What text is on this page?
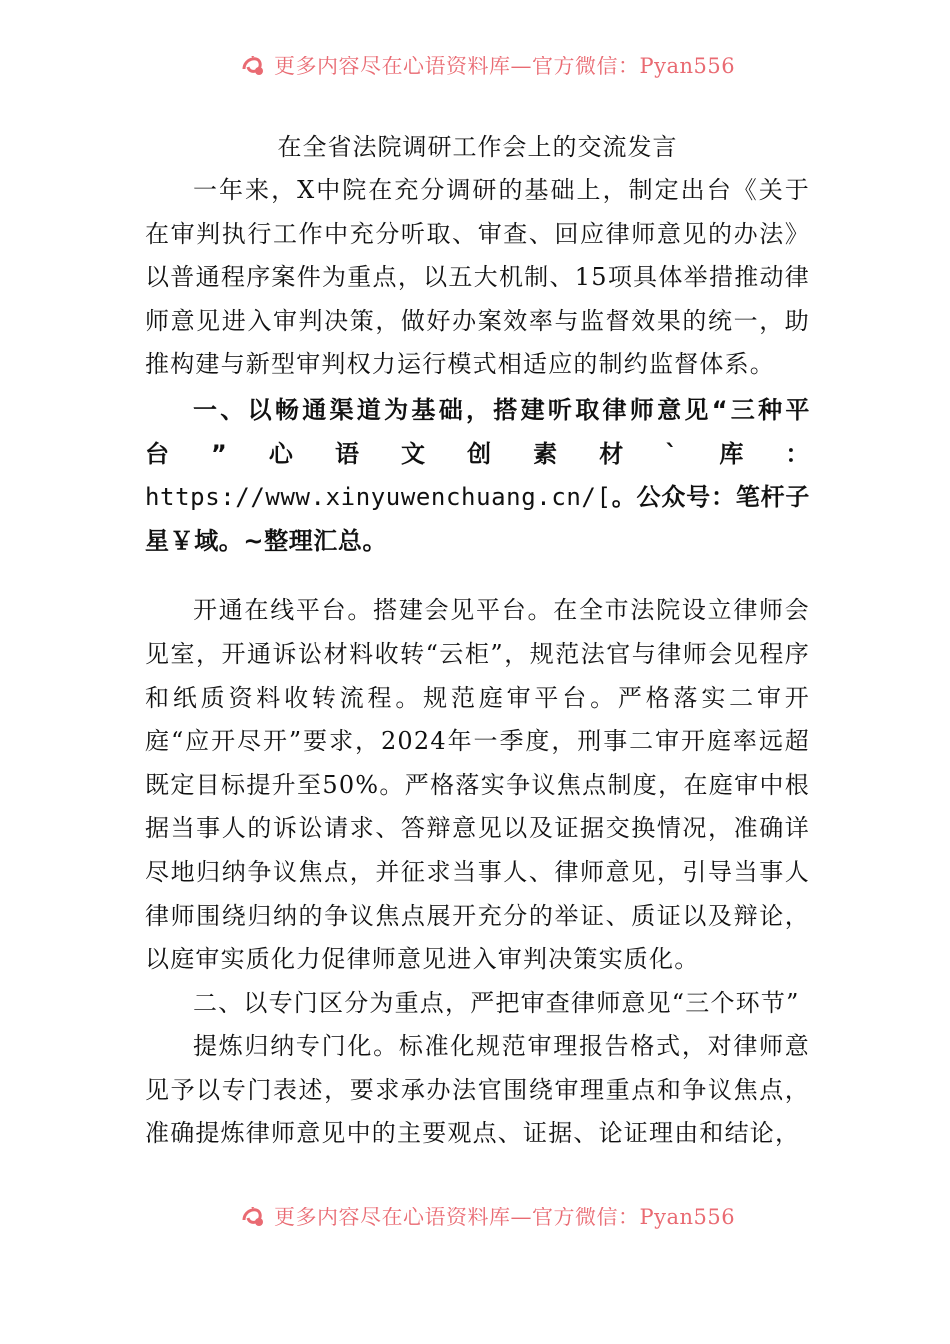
更多内容尽在心语资料库—官方微信：Pyan556
在全省法院调研工作会上的交流发言

一年来，X中院在充分调研的基础上，制定出台《关于在审判执行工作中充分听取、审查、回应律师意见的办法》以普通程序案件为重点，以五大机制、15项具体举措推动律师意见进入审判决策，做好办案效率与监督效果的统一，助推构建与新型审判权力运行模式相适应的制约监督体系。

一、以畅通渠道为基础，搭建听取律师意见“三种平台”心语文创素材`库： https://www.xinyuwenchuang.cn/[。公众号：笔杆子星￥域。~整理汇总。

开通在线平台。搭建会见平台。在全市法院设立律师会见室，开通诉讼材料收转“云柜”，规范法官与律师会见程序和纸质资料收转流程。规范庭审平台。严格落实二审开庭“应开尽开”要求，2024年一季度，刑事二审开庭率远超既定目标提升至50%。严格落实争议焦点制度，在庭审中根据当事人的诉讼请求、答辩意见以及证据交换情况，准确详尽地归纳争议焦点，并征求当事人、律师意见，引导当事人律师围绕归纳的争议焦点展开充分的举证、质证以及辩论，以庭审实质化力促律师意见进入审判决策实质化。

二、以专门区分为重点，严把审查律师意见“三个环节”

提炼归纳专门化。标准化规范审理报告格式，对律师意见予以专门表述，要求承办法官围绕审理重点和争议焦点，准确提炼律师意见中的主要观点、证据、论证理由和结论，

更多内容尽在心语资料库—官方微信：Pyan556
